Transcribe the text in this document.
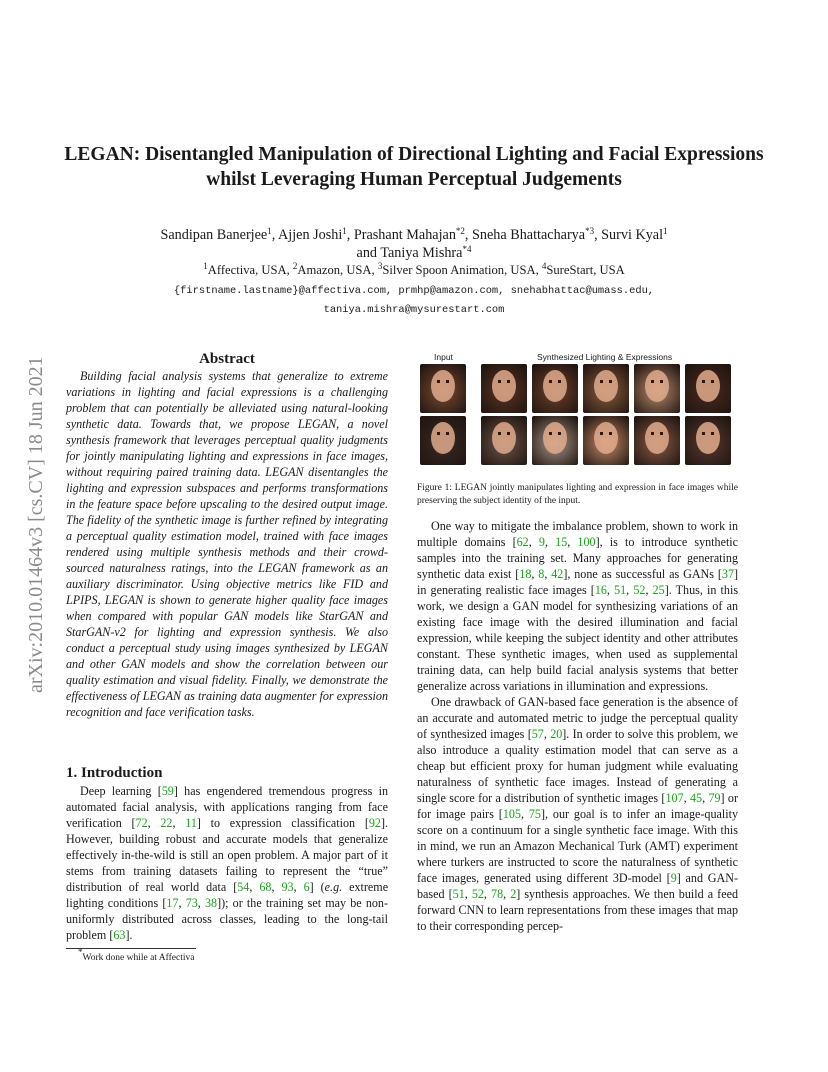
arXiv:2010.01464v3 [cs.CV] 18 Jun 2021
LEGAN: Disentangled Manipulation of Directional Lighting and Facial Expressions whilst Leveraging Human Perceptual Judgements
Sandipan Banerjee$^1$, Ajjen Joshi$^1$, Prashant Mahajan$^{*2}$, Sneha Bhattacharya$^{*3}$, Survi Kyal$^1$
and Taniya Mishra$^{*4}$
$^1$Affectiva, USA, $^2$Amazon, USA, $^3$Silver Spoon Animation, USA, $^4$SureStart, USA
{firstname.lastname}@affectiva.com, prmhp@amazon.com, snehabhattac@umass.edu,
taniya.mishra@mysurestart.com
Abstract

Building facial analysis systems that generalize to extreme variations in lighting and facial expressions is a challenging problem that can potentially be alleviated using natural-looking synthetic data. Towards that, we propose LEGAN, a novel synthesis framework that leverages perceptual quality judgments for jointly manipulating lighting and expressions in face images, without requiring paired training data. LEGAN disentangles the lighting and expression subspaces and performs transformations in the feature space before upscaling to the desired output image. The fidelity of the synthetic image is further refined by integrating a perceptual quality estimation model, trained with face images rendered using multiple synthesis methods and their crowd-sourced naturalness ratings, into the LEGAN framework as an auxiliary discriminator. Using objective metrics like FID and LPIPS, LEGAN is shown to generate higher quality face images when compared with popular GAN models like StarGAN and StarGAN-v2 for lighting and expression synthesis. We also conduct a perceptual study using images synthesized by LEGAN and other GAN models and show the correlation between our quality estimation and visual fidelity. Finally, we demonstrate the effectiveness of LEGAN as training data augmenter for expression recognition and face verification tasks.

1. Introduction

Deep learning [59] has engendered tremendous progress in automated facial analysis, with applications ranging from face verification [72, 22, 11] to expression classification [92]. However, building robust and accurate models that generalize effectively in-the-wild is still an open problem. A major part of it stems from training datasets failing to represent the “true” distribution of real world data [54, 68, 93, 6] (e.g. extreme lighting conditions [17, 73, 38]); or the training set may be non-uniformly distributed across classes, leading to the long-tail problem [63].

*Work done while at Affectiva
Input	Synthesized Lighting & Expressions

Figure 1: LEGAN jointly manipulates lighting and expression in face images while preserving the subject identity of the input.

One way to mitigate the imbalance problem, shown to work in multiple domains [62, 9, 15, 100], is to introduce synthetic samples into the training set. Many approaches for generating synthetic data exist [18, 8, 42], none as successful as GANs [37] in generating realistic face images [16, 51, 52, 25]. Thus, in this work, we design a GAN model for synthesizing variations of an existing face image with the desired illumination and facial expression, while keeping the subject identity and other attributes constant. These synthetic images, when used as supplemental training data, can help build facial analysis systems that better generalize across variations in illumination and expressions.

One drawback of GAN-based face generation is the absence of an accurate and automated metric to judge the perceptual quality of synthesized images [57, 20]. In order to solve this problem, we also introduce a quality estimation model that can serve as a cheap but efficient proxy for human judgment while evaluating naturalness of synthetic face images. Instead of generating a single score for a distribution of synthetic images [107, 45, 79] or for image pairs [105, 75], our goal is to infer an image-quality score on a continuum for a single synthetic face image. With this in mind, we run an Amazon Mechanical Turk (AMT) experiment where turkers are instructed to score the naturalness of synthetic face images, generated using different 3D-model [9] and GAN-based [51, 52, 78, 2] synthesis approaches. We then build a feed forward CNN to learn representations from these images that map to their corresponding percep-
